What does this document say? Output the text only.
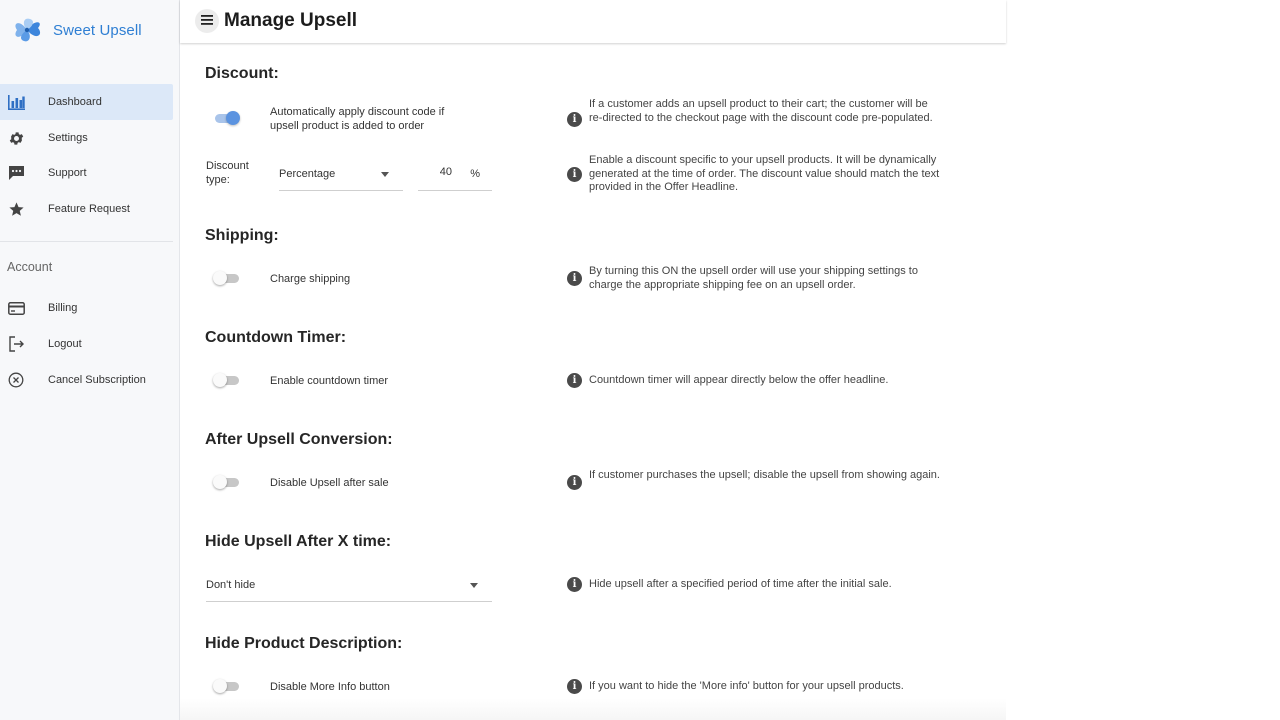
Sweet Upsell
Dashboard
Settings
Support
Feature Request
Account
Billing
Logout
Cancel Subscription
Manage Upsell
Discount:
Automatically apply discount code if upsell product is added to order
i
If a customer adds an upsell product to their cart; the customer will be re-directed to the checkout page with the discount code pre-populated.
Discount type:	Percentage
40	%	i
Enable a discount specific to your upsell products. It will be dynamically generated at the time of order. The discount value should match the text provided in the Offer Headline.
Shipping:
Charge shipping	i
By turning this ON the upsell order will use your shipping settings to charge the appropriate shipping fee on an upsell order.
Countdown Timer:
Enable countdown timer	i	Countdown timer will appear directly below the offer headline.
After Upsell Conversion:
Disable Upsell after sale	i
If customer purchases the upsell; disable the upsell from showing again.
Hide Upsell After X time:
Don't hide	i	Hide upsell after a specified period of time after the initial sale.
Hide Product Description:
Disable More Info button	i	If you want to hide the 'More info' button for your upsell products.
